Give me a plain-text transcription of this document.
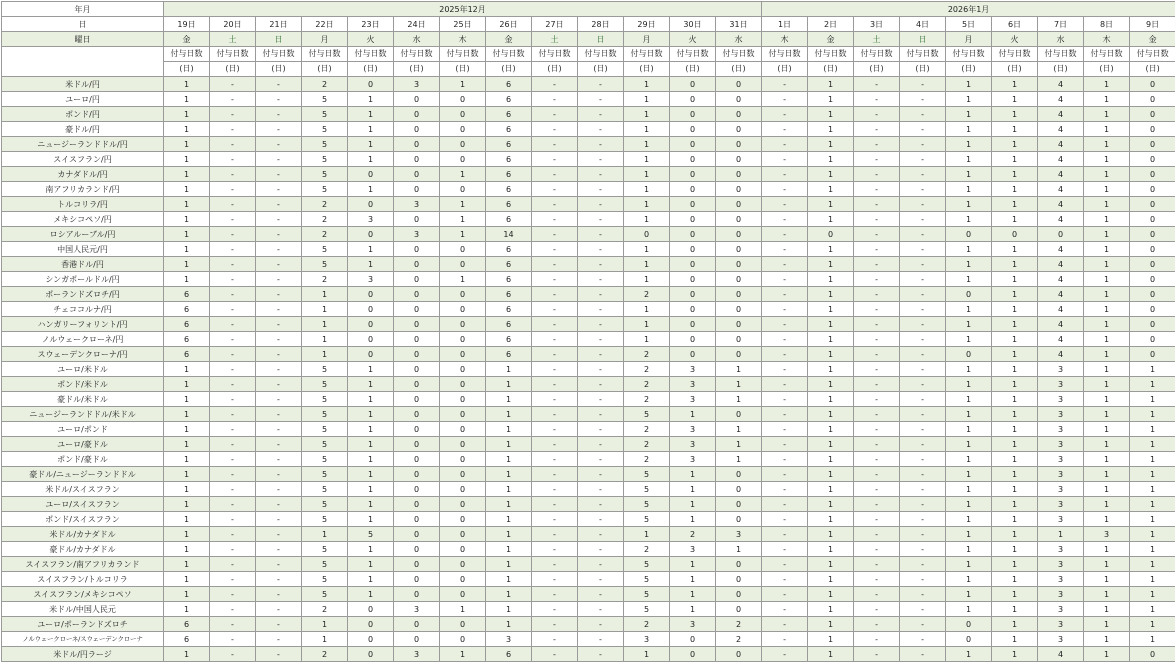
年月	2025年12月													2026年1月								
日	19日	20日	21日	22日	23日	24日	25日	26日	27日	28日	29日	30日	31日	1日	2日	3日	4日	5日	6日	7日	8日	9日
曜日	金	土	日	月	火	水	木	金	土	日	月	火	水	木	金	土	日	月	火	水	木	金
	付与日数	付与日数	付与日数	付与日数	付与日数	付与日数	付与日数	付与日数	付与日数	付与日数	付与日数	付与日数	付与日数	付与日数	付与日数	付与日数	付与日数	付与日数	付与日数	付与日数	付与日数	付与日数
	(日)	(日)	(日)	(日)	(日)	(日)	(日)	(日)	(日)	(日)	(日)	(日)	(日)	(日)	(日)	(日)	(日)	(日)	(日)	(日)	(日)	(日)
米ドル/円	1	-	-	2	0	3	1	6	-	-	1	0	0	-	1	-	-	1	1	4	1	0
ユーロ/円	1	-	-	5	1	0	0	6	-	-	1	0	0	-	1	-	-	1	1	4	1	0
ポンド/円	1	-	-	5	1	0	0	6	-	-	1	0	0	-	1	-	-	1	1	4	1	0
豪ドル/円	1	-	-	5	1	0	0	6	-	-	1	0	0	-	1	-	-	1	1	4	1	0
ニュージーランドドル/円	1	-	-	5	1	0	0	6	-	-	1	0	0	-	1	-	-	1	1	4	1	0
スイスフラン/円	1	-	-	5	1	0	0	6	-	-	1	0	0	-	1	-	-	1	1	4	1	0
カナダドル/円	1	-	-	5	0	0	1	6	-	-	1	0	0	-	1	-	-	1	1	4	1	0
南アフリカランド/円	1	-	-	5	1	0	0	6	-	-	1	0	0	-	1	-	-	1	1	4	1	0
トルコリラ/円	1	-	-	2	0	3	1	6	-	-	1	0	0	-	1	-	-	1	1	4	1	0
メキシコペソ/円	1	-	-	2	3	0	1	6	-	-	1	0	0	-	1	-	-	1	1	4	1	0
ロシアルーブル/円	1	-	-	2	0	3	1	14	-	-	0	0	0	-	0	-	-	0	0	0	1	0
中国人民元/円	1	-	-	5	1	0	0	6	-	-	1	0	0	-	1	-	-	1	1	4	1	0
香港ドル/円	1	-	-	5	1	0	0	6	-	-	1	0	0	-	1	-	-	1	1	4	1	0
シンガポールドル/円	1	-	-	2	3	0	1	6	-	-	1	0	0	-	1	-	-	1	1	4	1	0
ポーランドズロチ/円	6	-	-	1	0	0	0	6	-	-	2	0	0	-	1	-	-	0	1	4	1	0
チェココルナ/円	6	-	-	1	0	0	0	6	-	-	1	0	0	-	1	-	-	1	1	4	1	0
ハンガリーフォリント/円	6	-	-	1	0	0	0	6	-	-	1	0	0	-	1	-	-	1	1	4	1	0
ノルウェークローネ/円	6	-	-	1	0	0	0	6	-	-	1	0	0	-	1	-	-	1	1	4	1	0
スウェーデンクローナ/円	6	-	-	1	0	0	0	6	-	-	2	0	0	-	1	-	-	0	1	4	1	0
ユーロ/米ドル	1	-	-	5	1	0	0	1	-	-	2	3	1	-	1	-	-	1	1	3	1	1
ポンド/米ドル	1	-	-	5	1	0	0	1	-	-	2	3	1	-	1	-	-	1	1	3	1	1
豪ドル/米ドル	1	-	-	5	1	0	0	1	-	-	2	3	1	-	1	-	-	1	1	3	1	1
ニュージーランドドル/米ドル	1	-	-	5	1	0	0	1	-	-	5	1	0	-	1	-	-	1	1	3	1	1
ユーロ/ポンド	1	-	-	5	1	0	0	1	-	-	2	3	1	-	1	-	-	1	1	3	1	1
ユーロ/豪ドル	1	-	-	5	1	0	0	1	-	-	2	3	1	-	1	-	-	1	1	3	1	1
ポンド/豪ドル	1	-	-	5	1	0	0	1	-	-	2	3	1	-	1	-	-	1	1	3	1	1
豪ドル/ニュージーランドドル	1	-	-	5	1	0	0	1	-	-	5	1	0	-	1	-	-	1	1	3	1	1
米ドル/スイスフラン	1	-	-	5	1	0	0	1	-	-	5	1	0	-	1	-	-	1	1	3	1	1
ユーロ/スイスフラン	1	-	-	5	1	0	0	1	-	-	5	1	0	-	1	-	-	1	1	3	1	1
ポンド/スイスフラン	1	-	-	5	1	0	0	1	-	-	5	1	0	-	1	-	-	1	1	3	1	1
米ドル/カナダドル	1	-	-	1	5	0	0	1	-	-	1	2	3	-	1	-	-	1	1	1	3	1
豪ドル/カナダドル	1	-	-	5	1	0	0	1	-	-	2	3	1	-	1	-	-	1	1	3	1	1
スイスフラン/南アフリカランド	1	-	-	5	1	0	0	1	-	-	5	1	0	-	1	-	-	1	1	3	1	1
スイスフラン/トルコリラ	1	-	-	5	1	0	0	1	-	-	5	1	0	-	1	-	-	1	1	3	1	1
スイスフラン/メキシコペソ	1	-	-	5	1	0	0	1	-	-	5	1	0	-	1	-	-	1	1	3	1	1
米ドル/中国人民元	1	-	-	2	0	3	1	1	-	-	5	1	0	-	1	-	-	1	1	3	1	1
ユーロ/ポーランドズロチ	6	-	-	1	0	0	0	1	-	-	2	3	2	-	1	-	-	0	1	3	1	1
ノルウェークローネ/スウェーデンクローナ	6	-	-	1	0	0	0	3	-	-	3	0	2	-	1	-	-	0	1	3	1	1
米ドル/円ラージ	1	-	-	2	0	3	1	6	-	-	1	0	0	-	1	-	-	1	1	4	1	0
